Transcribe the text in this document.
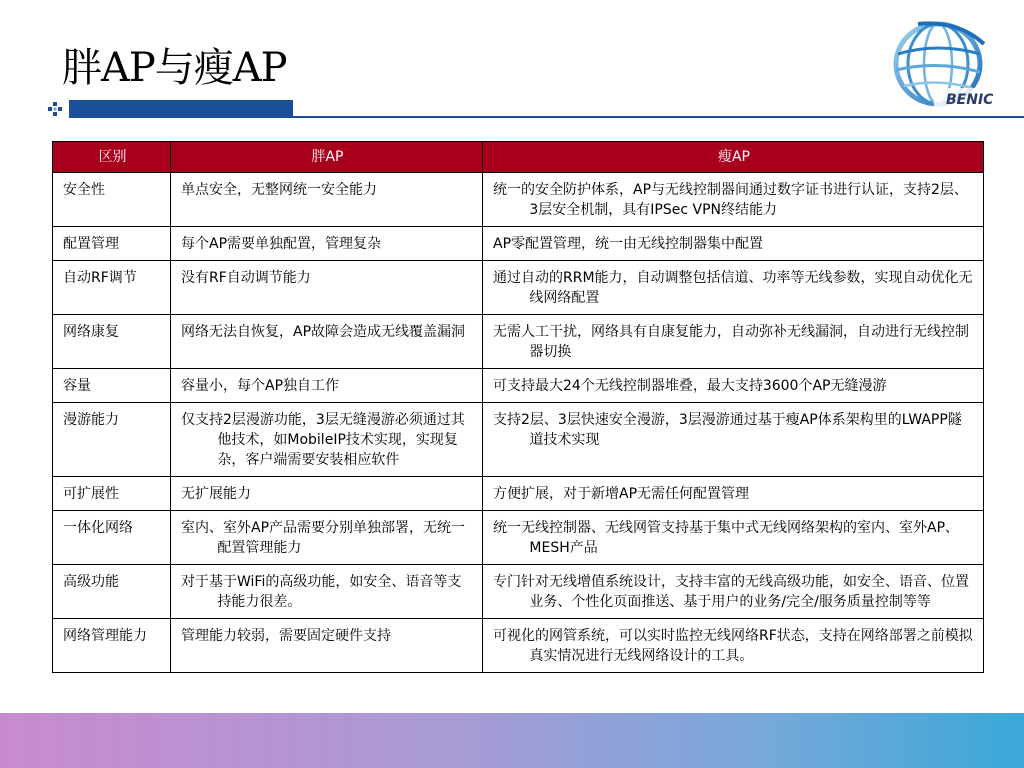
胖AP与瘦AP
BENIC
区别	胖AP	瘦AP
安全性	单点安全，无整网统一安全能力	统一的安全防护体系，AP与无线控制器间通过数字证书进行认证，支持2层、3层安全机制，具有IPSec VPN终结能力
配置管理	每个AP需要单独配置，管理复杂	AP零配置管理，统一由无线控制器集中配置
自动RF调节	没有RF自动调节能力	通过自动的RRM能力，自动调整包括信道、功率等无线参数，实现自动优化无线网络配置
网络康复	网络无法自恢复，AP故障会造成无线覆盖漏洞	无需人工干扰，网络具有自康复能力，自动弥补无线漏洞，自动进行无线控制器切换
容量	容量小，每个AP独自工作	可支持最大24个无线控制器堆叠，最大支持3600个AP无缝漫游
漫游能力	仅支持2层漫游功能，3层无缝漫游必须通过其他技术，如MobileIP技术实现，实现复杂，客户端需要安装相应软件	支持2层、3层快速安全漫游，3层漫游通过基于瘦AP体系架构里的LWAPP隧道技术实现
可扩展性	无扩展能力	方便扩展，对于新增AP无需任何配置管理
一体化网络	室内、室外AP产品需要分别单独部署，无统一配置管理能力	统一无线控制器、无线网管支持基于集中式无线网络架构的室内、室外AP、MESH产品
高级功能	对于基于WiFi的高级功能，如安全、语音等支持能力很差。	专门针对无线增值系统设计，支持丰富的无线高级功能，如安全、语音、位置业务、个性化页面推送、基于用户的业务/完全/服务质量控制等等
网络管理能力	管理能力较弱，需要固定硬件支持	可视化的网管系统，可以实时监控无线网络RF状态，支持在网络部署之前模拟真实情况进行无线网络设计的工具。
